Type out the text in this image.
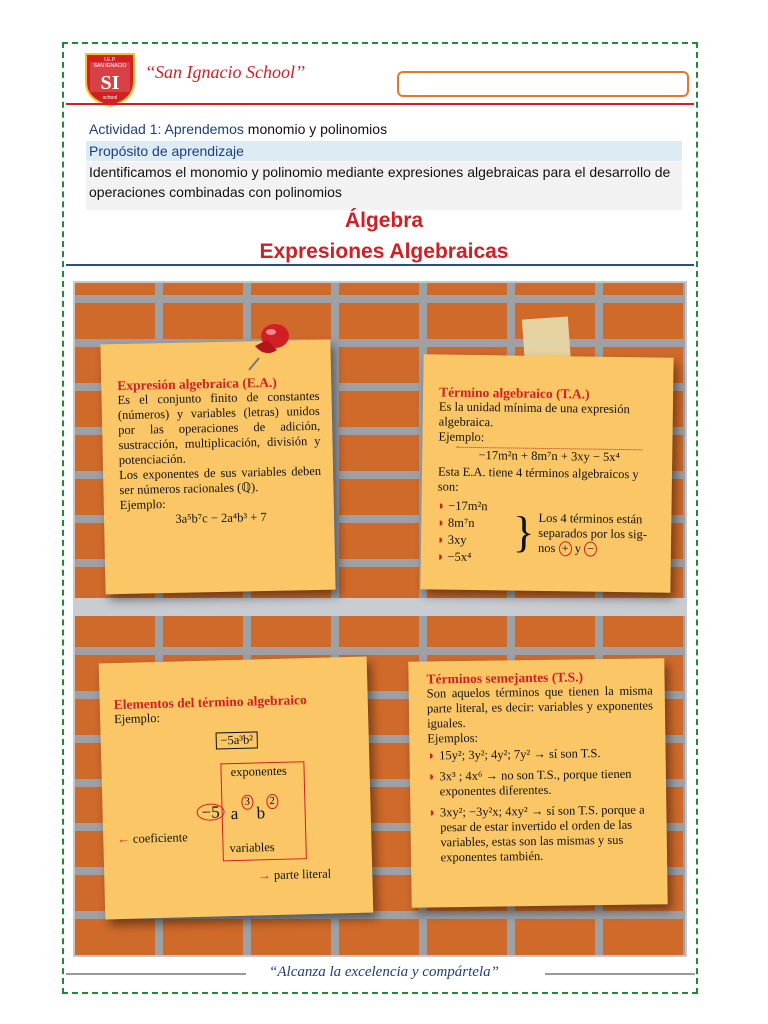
I.E.P.
SAN IGNACIO
SI
school
‘‘San Ignacio School’’
Actividad 1: Aprendemos monomio y polinomios
Propósito de aprendizaje
Identificamos el monomio y polinomio mediante expresiones algebraicas para el desarrollo de operaciones combinadas con polinomios
Álgebra
Expresiones Algebraicas
Expresión algebraica (E.A.)
Es el conjunto finito de constantes (números) y variables (letras) unidos por las operaciones de adición, sustracción, multiplicación, división y potenciación.
Los exponentes de sus variables deben ser números racionales (ℚ).
Ejemplo:
3a⁵b⁷c − 2a⁴b³ + 7
Término algebraico (T.A.)
Es la unidad mínima de una expresión algebraica.
Ejemplo:
−17m²n + 8m⁷n + 3xy − 5x⁴
Esta E.A. tiene 4 términos algebraicos y son:
◗ −17m²n
◗ 8m⁷n
◗ 3xy
◗ −5x⁴ } Los 4 términos están separados por los sig- nos + y −
Elementos del término algebraico
Ejemplo:
−5a³b²
exponentes
−5 a
3
b
2
← coeficiente
variables
→ parte literal
Términos semejantes (T.S.)
Son aquelos términos que tienen la misma parte literal, es decir: variables y exponentes iguales.
Ejemplos:
◗ 15y²; 3y²; 4y²; 7y² → sí son T.S.
◗ 3x³ ; 4x⁶ → no son T.S., porque tienen exponentes diferentes.
◗ 3xy²; −3y²x; 4xy² → sí son T.S. porque a pesar de estar invertido el orden de las variables, estas son las mismas y sus exponentes también.
“Alcanza la excelencia y compártela”
